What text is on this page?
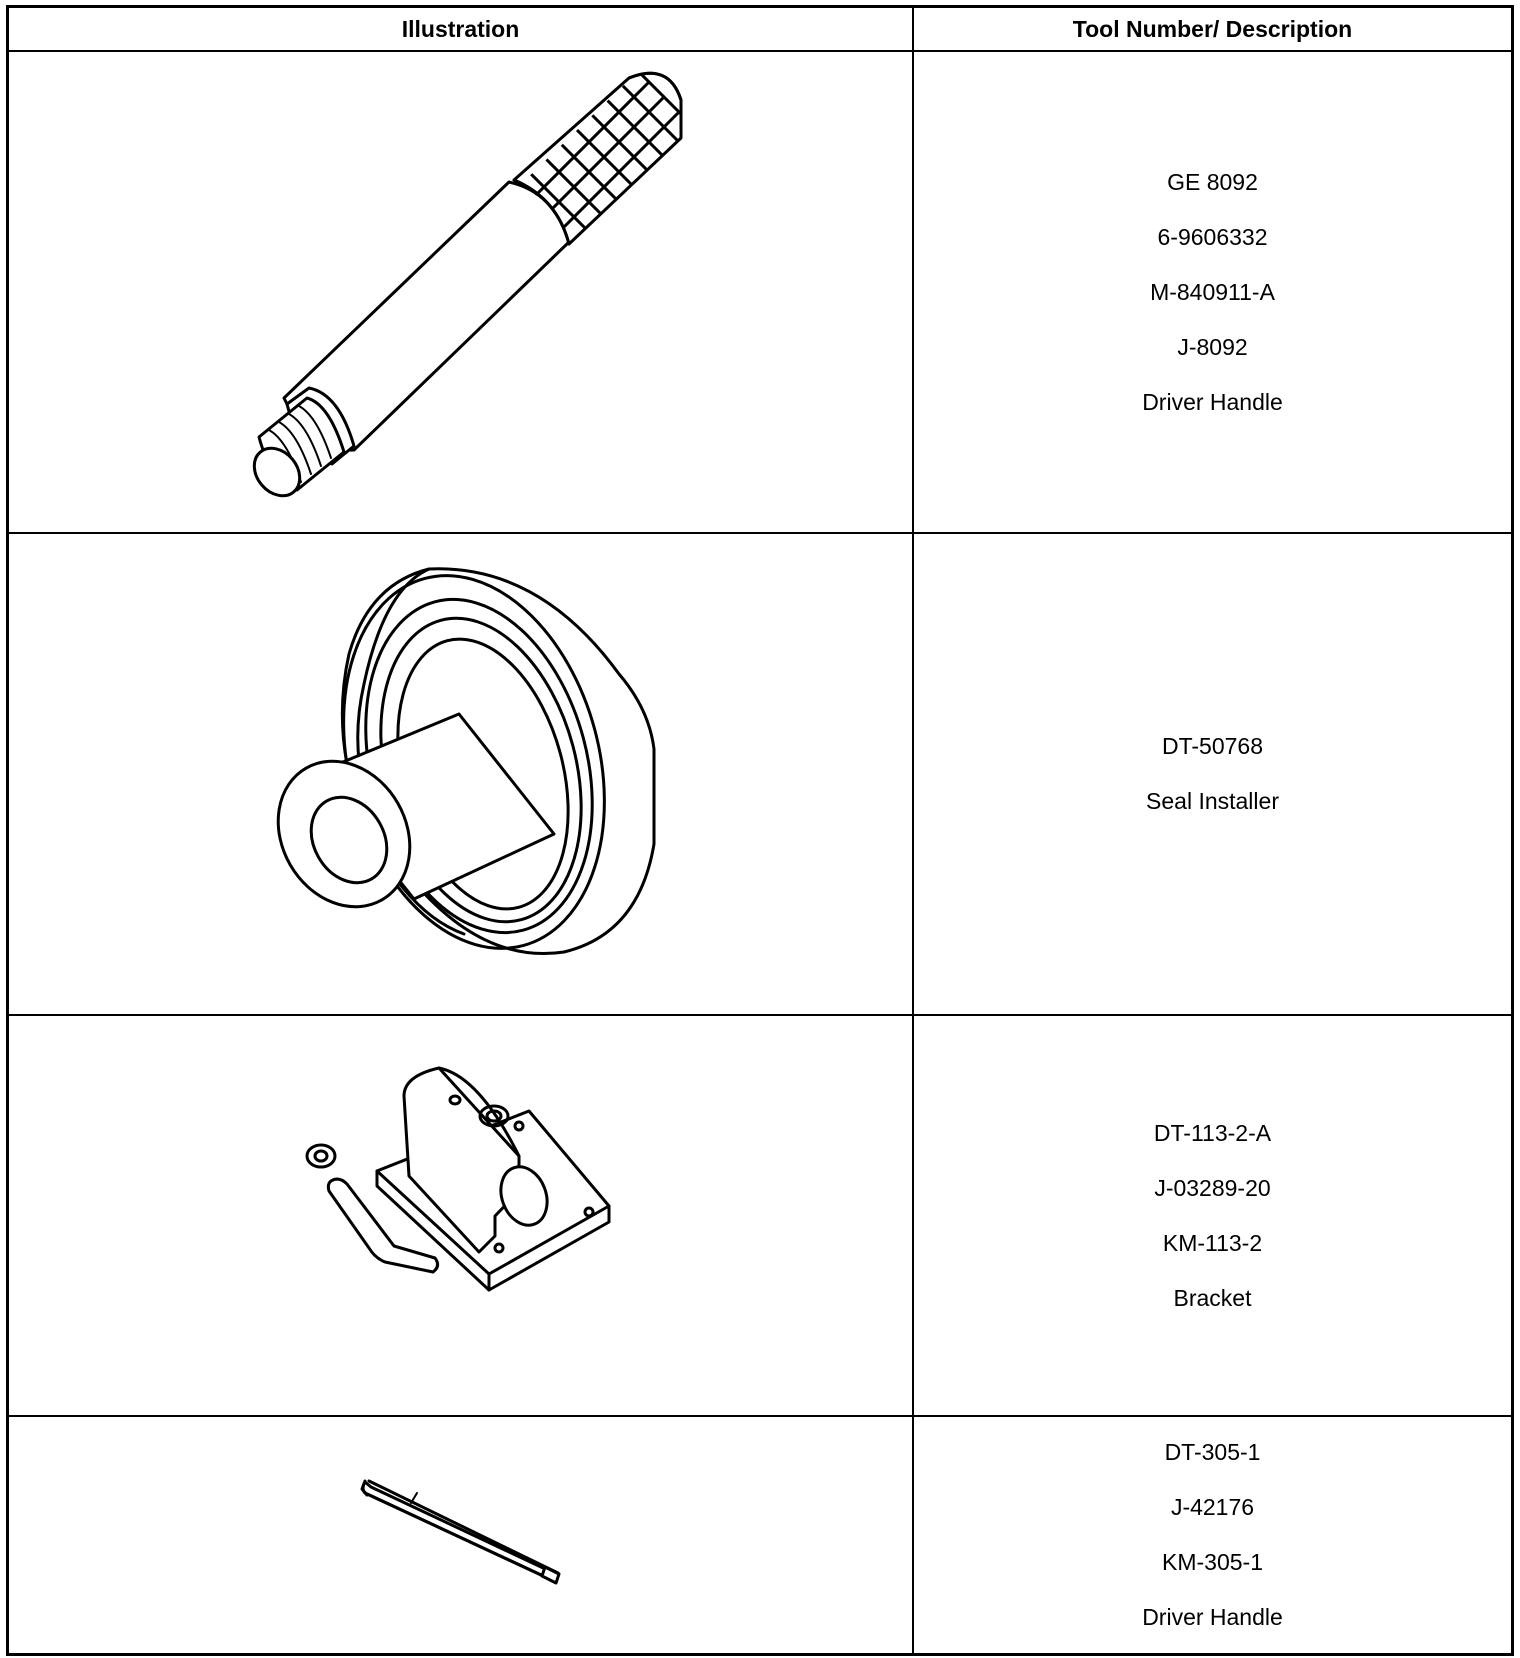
Illustration	Tool Number/ Description
GE 8092
6-9606332
M-840911-A
J-8092
Driver Handle
DT-50768
Seal Installer
DT-113-2-A
J-03289-20
KM-113-2
Bracket
DT-305-1
J-42176
KM-305-1
Driver Handle
